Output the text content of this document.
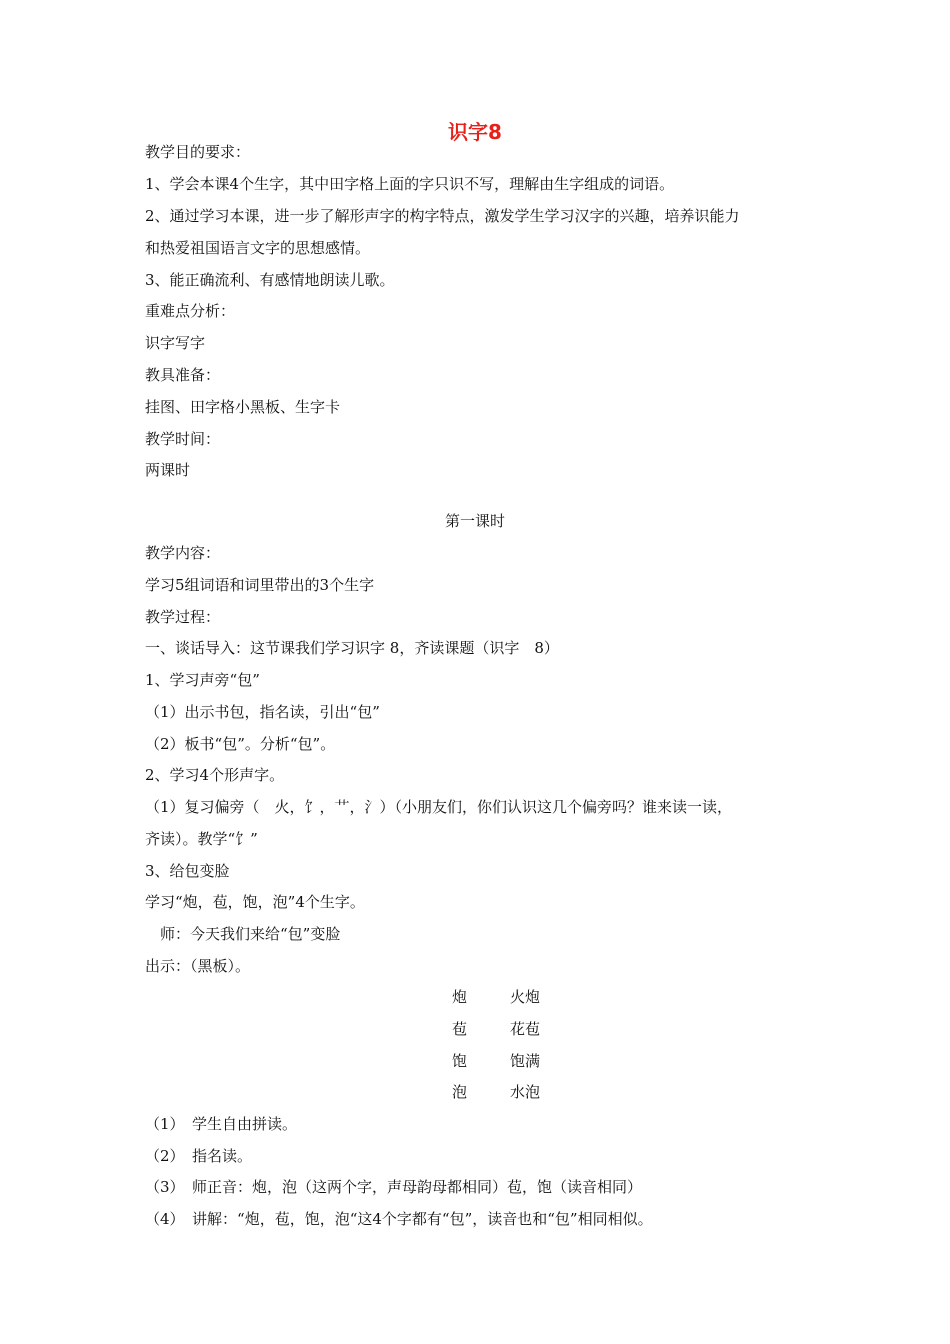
识字8
教学目的要求：
1、学会本课4个生字，其中田字格上面的字只识不写，理解由生字组成的词语。
2、通过学习本课，进一步了解形声字的构字特点，激发学生学习汉字的兴趣，培养识能力
和热爱祖国语言文字的思想感情。
3、能正确流利、有感情地朗读儿歌。
重难点分析：
识字写字
教具准备：
挂图、田字格小黑板、生字卡
教学时间：
两课时
第一课时
教学内容：
学习5组词语和词里带出的3个生字
教学过程：
一、谈话导入：这节课我们学习识字 8，齐读课题（识字　8）
1、学习声旁“包”
（1）出示书包，指名读，引出“包”
（2）板书“包”。分析“包”。
2、学习4个形声字。
（1）复习偏旁（　火，饣，艹，氵）（小朋友们，你们认识这几个偏旁吗？谁来读一读，
齐读）。教学“饣”
3、给包变脸
学习“炮，苞，饱，泡”4个生字。
　师：今天我们来给“包”变脸
出示：（黑板）。
炮	火炮
苞	花苞
饱	饱满
泡	水泡
（1）　学生自由拼读。
（2）　指名读。
（3）　师正音：炮，泡（这两个字，声母韵母都相同）苞，饱（读音相同）
（4）　讲解：“炮，苞，饱，泡“这4个字都有“包”，读音也和“包”相同相似。
